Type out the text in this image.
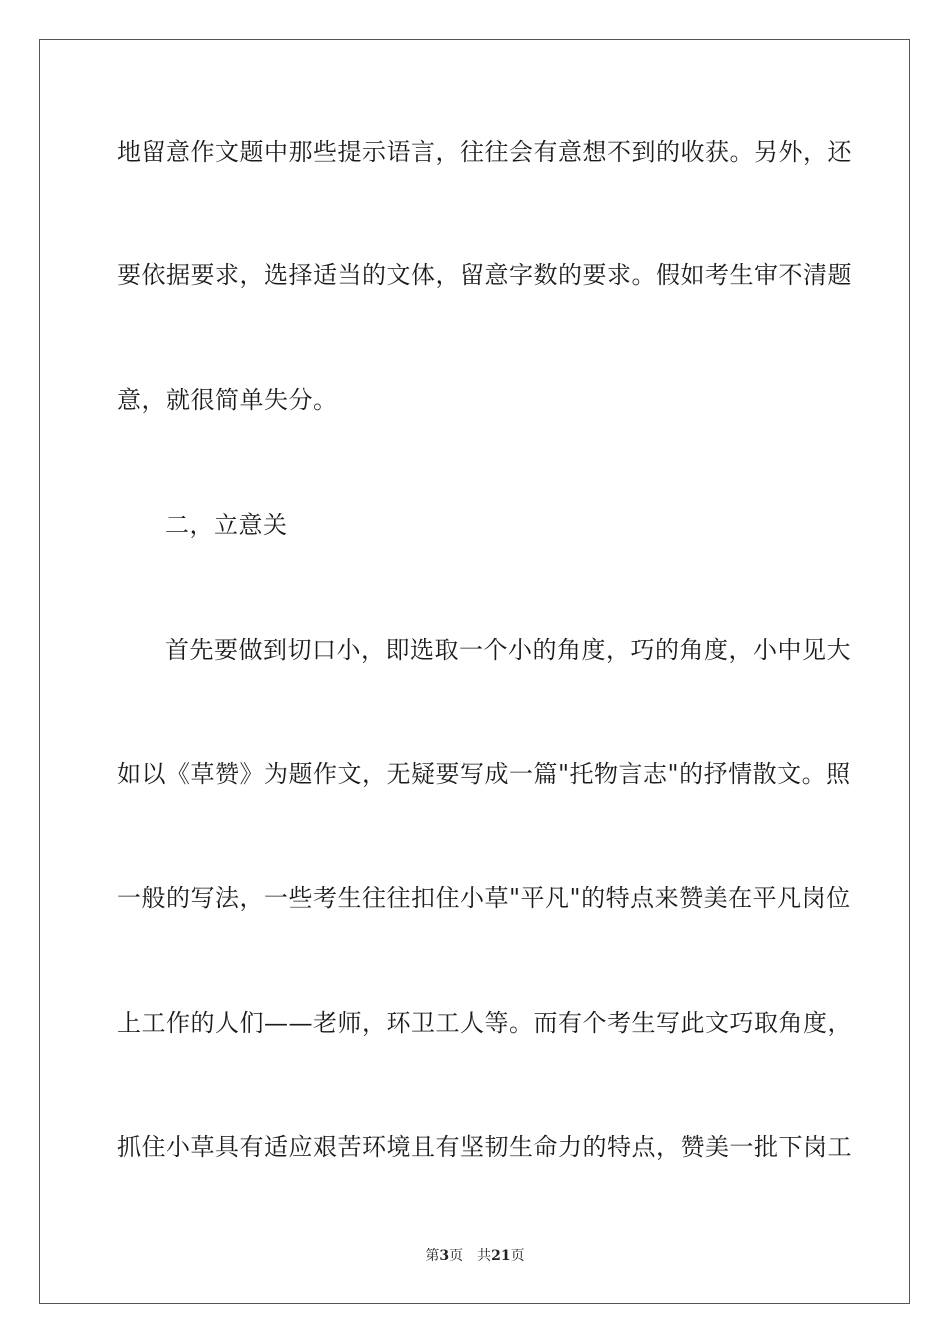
地留意作文题中那些提示语言，往往会有意想不到的收获。另外，还
要依据要求，选择适当的文体，留意字数的要求。假如考生审不清题
意，就很简单失分。
二，立意关
首先要做到切口小，即选取一个小的角度，巧的角度，小中见大
如以《草赞》为题作文，无疑要写成一篇"托物言志"的抒情散文。照
一般的写法，一些考生往往扣住小草"平凡"的特点来赞美在平凡岗位
上工作的人们——老师，环卫工人等。而有个考生写此文巧取角度，
抓住小草具有适应艰苦环境且有坚韧生命力的特点，赞美一批下岗工
第3页 共21页
